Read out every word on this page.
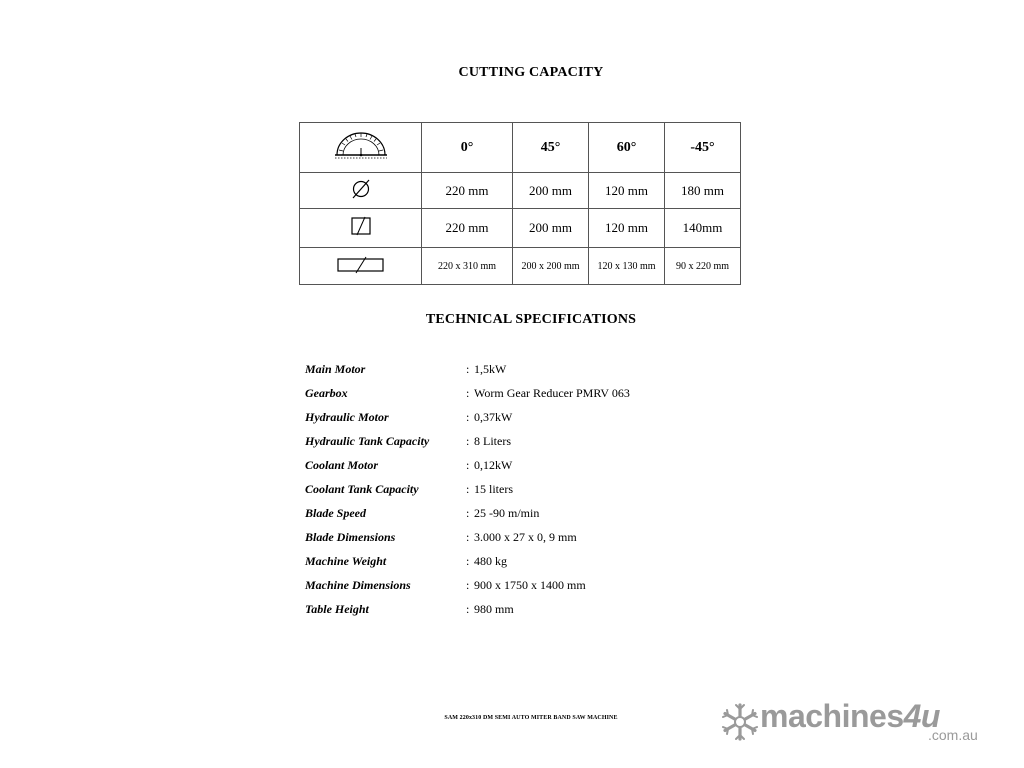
CUTTING CAPACITY
	0°	45°	60°	-45°
	220 mm	200 mm	120 mm	180 mm
	220 mm	200 mm	120 mm	140mm
	220 x 310 mm	200 x 200 mm	120 x 130 mm	90 x 220 mm
TECHNICAL SPECIFICATIONS
Main Motor	: 1,5kW
Gearbox	: Worm Gear Reducer PMRV 063
Hydraulic Motor	: 0,37kW
Hydraulic Tank Capacity	: 8 Liters
Coolant Motor	: 0,12kW
Coolant Tank Capacity	: 15 liters
Blade Speed	: 25 -90 m/min
Blade Dimensions	: 3.000 x 27 x 0, 9 mm
Machine Weight	: 480 kg
Machine Dimensions	: 900 x 1750 x 1400 mm
Table Height	: 980 mm
SAM 220x310 DM SEMI AUTO MITER BAND SAW MACHINE	machines4u
.com.au
